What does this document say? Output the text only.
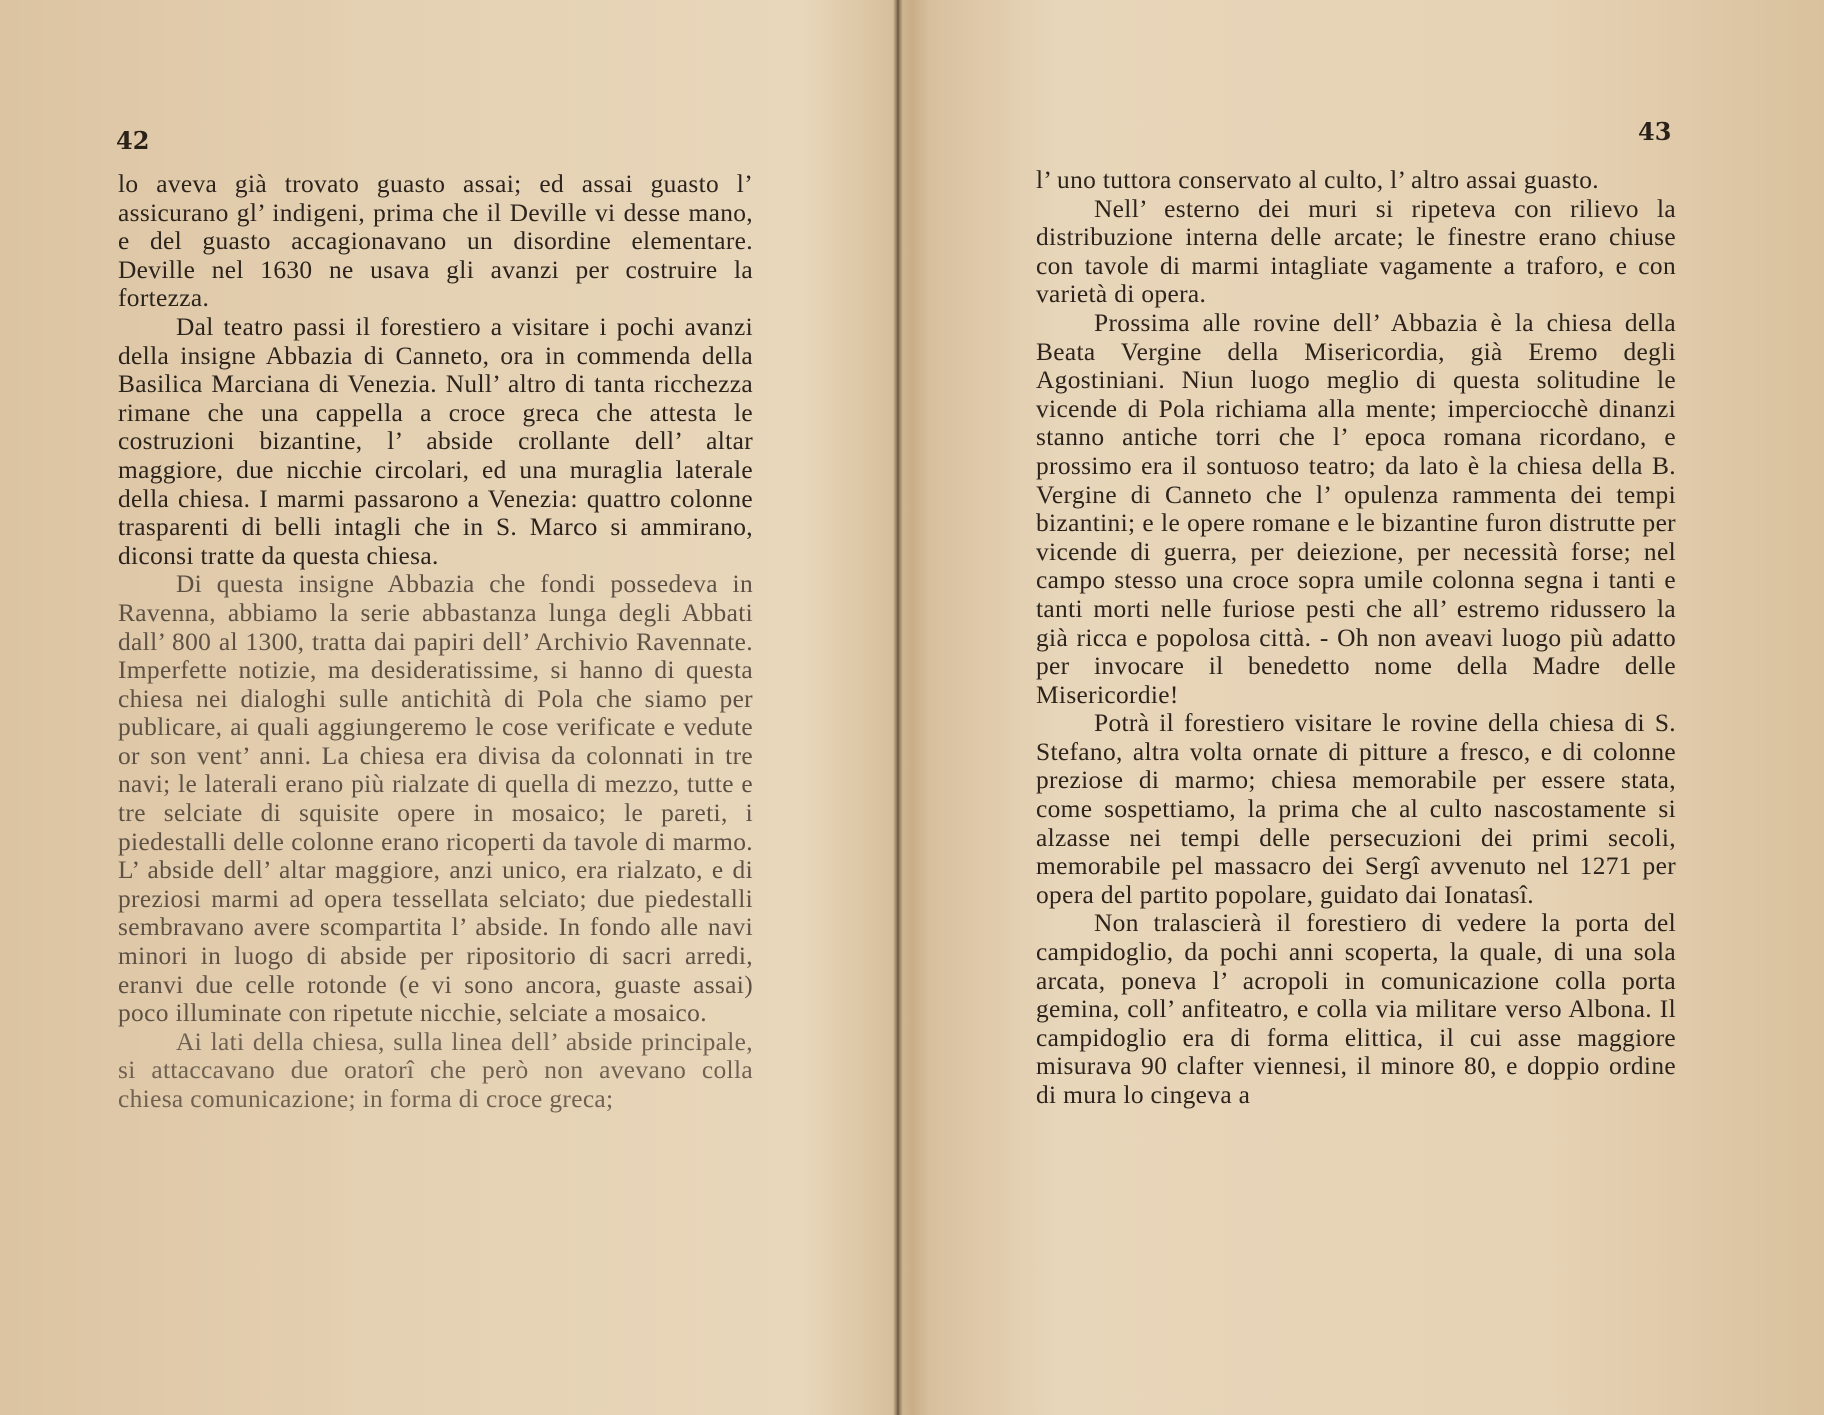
42

lo aveva già trovato guasto assai; ed assai guasto l’ assicurano gl’ indigeni, prima che il Deville vi desse mano, e del guasto accagionavano un disordine elementare. Deville nel 1630 ne usava gli avanzi per costruire la fortezza.

Dal teatro passi il forestiero a visitare i pochi avanzi della insigne Abbazia di Canneto, ora in commenda della Basilica Marciana di Venezia. Null’ altro di tanta ricchezza rimane che una cappella a croce greca che attesta le costruzioni bizantine, l’ abside crollante dell’ altar maggiore, due nicchie circolari, ed una muraglia laterale della chiesa. I marmi passarono a Venezia: quattro colonne trasparenti di belli intagli che in S. Marco si ammirano, diconsi tratte da questa chiesa.

Di questa insigne Abbazia che fondi possedeva in Ravenna, abbiamo la serie abbastanza lunga degli Abbati dall’ 800 al 1300, tratta dai papiri dell’ Archivio Ravennate. Imperfette notizie, ma desideratissime, si hanno di questa chiesa nei dialoghi sulle antichità di Pola che siamo per publicare, ai quali aggiungeremo le cose verificate e vedute or son vent’ anni. La chiesa era divisa da colonnati in tre navi; le laterali erano più rialzate di quella di mezzo, tutte e tre selciate di squisite opere in mosaico; le pareti, i piedestalli delle colonne erano ricoperti da tavole di marmo. L’ abside dell’ altar maggiore, anzi unico, era rialzato, e di preziosi marmi ad opera tessellata selciato; due piedestalli sembravano avere scompartita l’ abside. In fondo alle navi minori in luogo di abside per ripositorio di sacri arredi, eranvi due celle rotonde (e vi sono ancora, guaste assai) poco illuminate con ripetute nicchie, selciate a mosaico.

Ai lati della chiesa, sulla linea dell’ abside principale, si attaccavano due oratorî che però non avevano colla chiesa comunicazione; in forma di croce greca;

43

l’ uno tuttora conservato al culto, l’ altro assai guasto.

Nell’ esterno dei muri si ripeteva con rilievo la distribuzione interna delle arcate; le finestre erano chiuse con tavole di marmi intagliate vagamente a traforo, e con varietà di opera.

Prossima alle rovine dell’ Abbazia è la chiesa della Beata Vergine della Misericordia, già Eremo degli Agostiniani. Niun luogo meglio di questa solitudine le vicende di Pola richiama alla mente; imperciocchè dinanzi stanno antiche torri che l’ epoca romana ricordano, e prossimo era il sontuoso teatro; da lato è la chiesa della B. Vergine di Canneto che l’ opulenza rammenta dei tempi bizantini; e le opere romane e le bizantine furon distrutte per vicende di guerra, per deiezione, per necessità forse; nel campo stesso una croce sopra umile colonna segna i tanti e tanti morti nelle furiose pesti che all’ estremo ridussero la già ricca e popolosa città. - Oh non aveavi luogo più adatto per invocare il benedetto nome della Madre delle Misericordie!

Potrà il forestiero visitare le rovine della chiesa di S. Stefano, altra volta ornate di pitture a fresco, e di colonne preziose di marmo; chiesa memorabile per essere stata, come sospettiamo, la prima che al culto nascostamente si alzasse nei tempi delle persecuzioni dei primi secoli, memorabile pel massacro dei Sergî avvenuto nel 1271 per opera del partito popolare, guidato dai Ionatasî.

Non tralascierà il forestiero di vedere la porta del campidoglio, da pochi anni scoperta, la quale, di una sola arcata, poneva l’ acropoli in comunicazione colla porta gemina, coll’ anfiteatro, e colla via militare verso Albona. Il campidoglio era di forma elittica, il cui asse maggiore misurava 90 clafter viennesi, il minore 80, e doppio ordine di mura lo cingeva a
